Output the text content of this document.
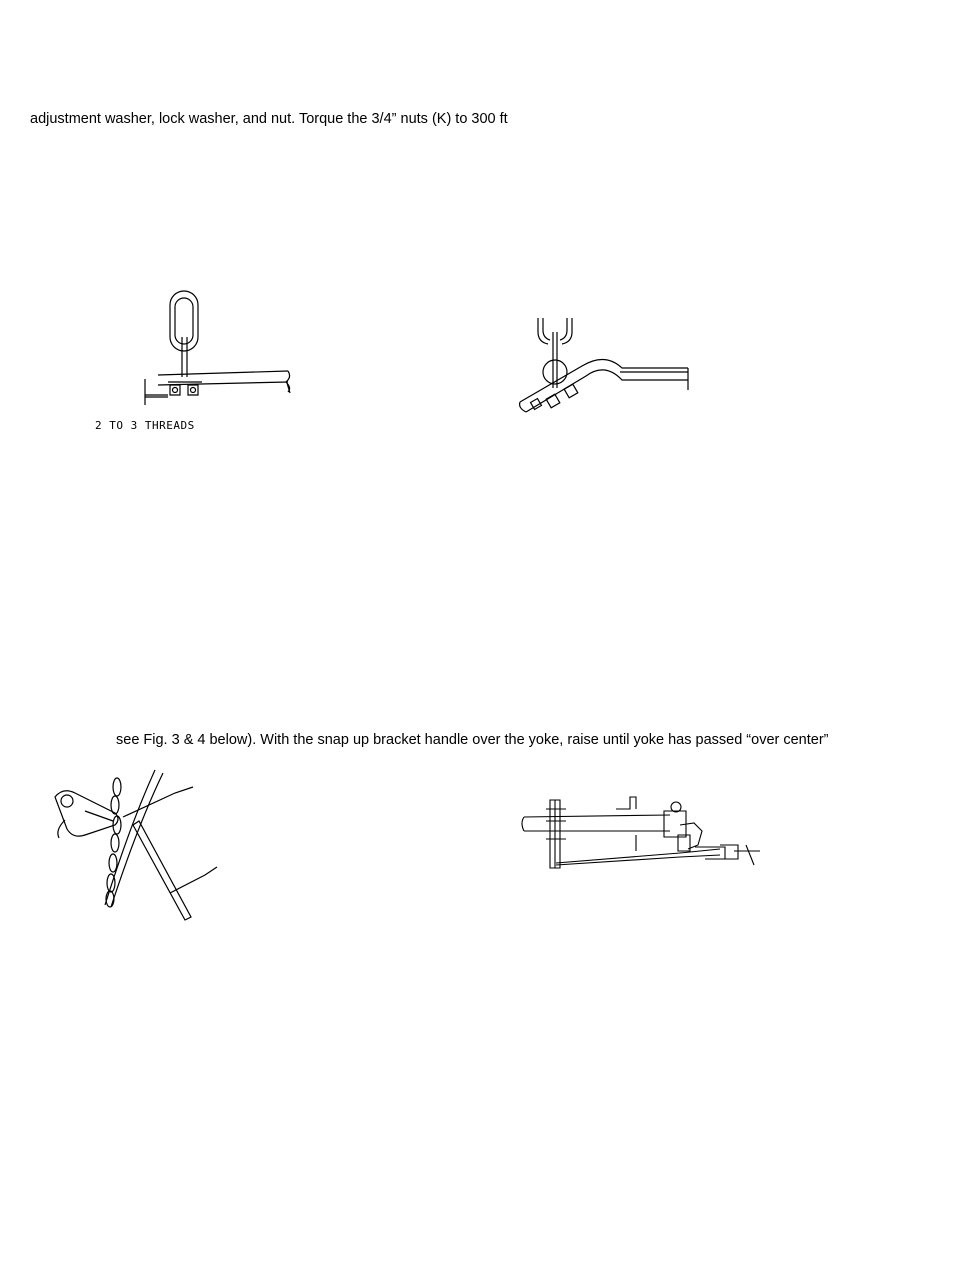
adjustment washer, lock washer, and nut. Torque the 3/4” nuts (K) to 300 ft

2 TO 3 THREADS

see Fig. 3 & 4 below). With the snap up bracket handle over the yoke, raise until yoke has passed “over center”
